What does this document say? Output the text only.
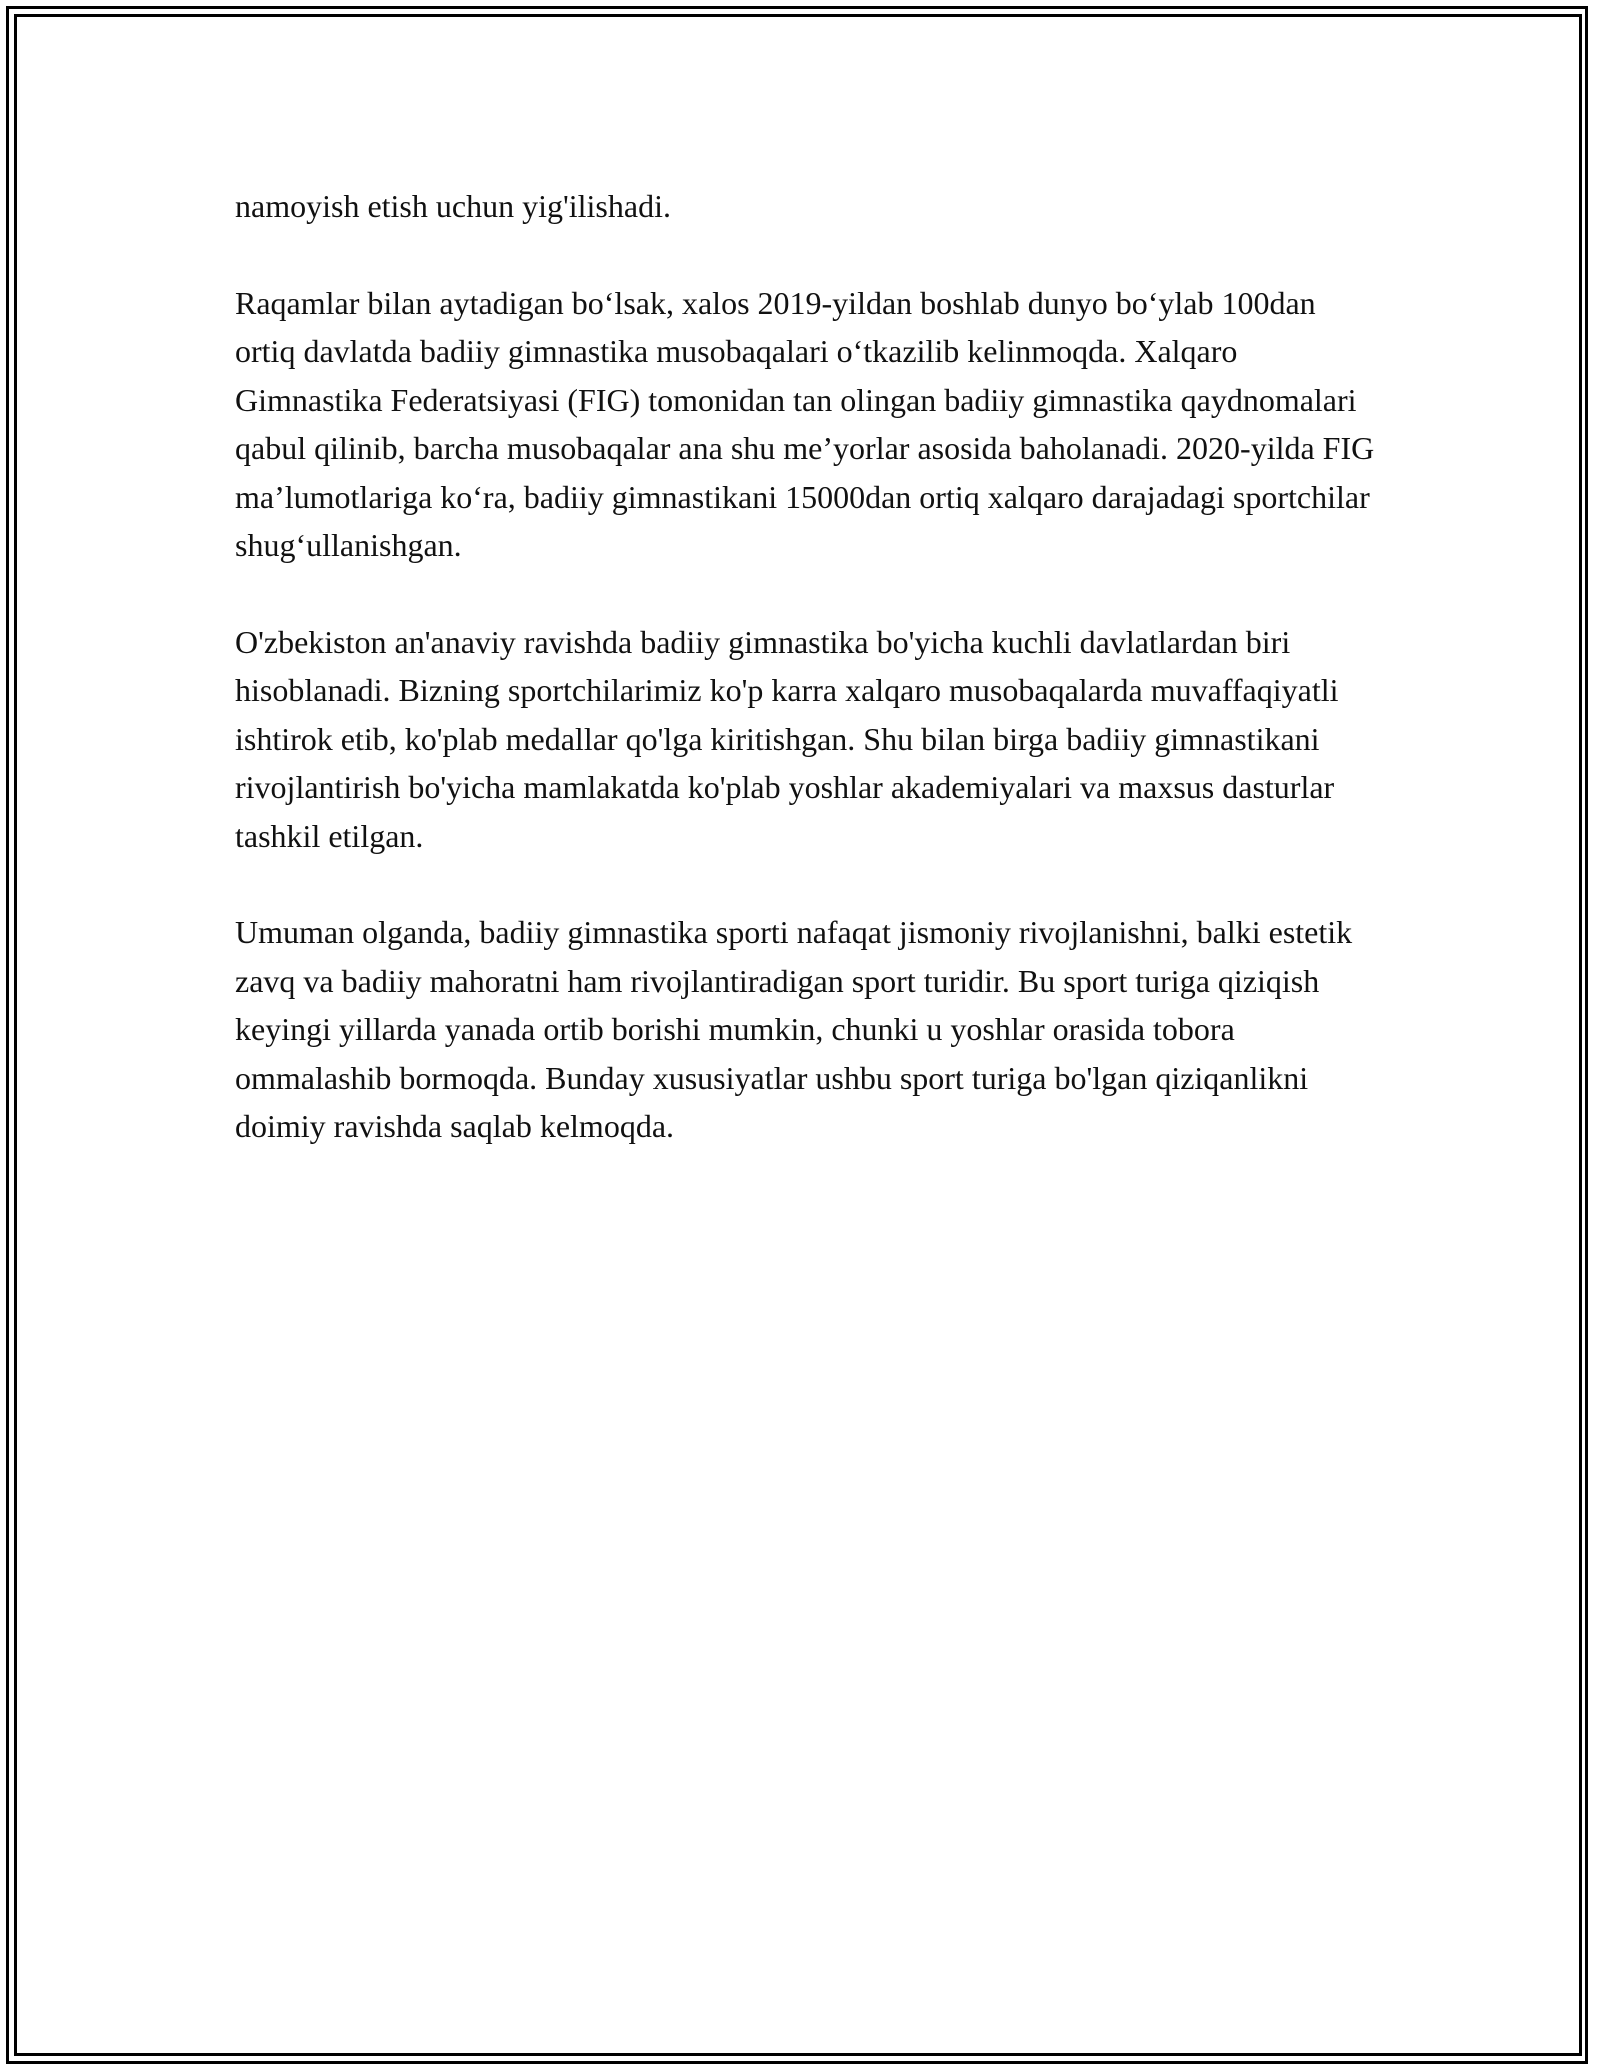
namoyish etish uchun yig'ilishadi.

Raqamlar bilan aytadigan bo‘lsak, xalos 2019-yildan boshlab dunyo bo‘ylab 100dan ortiq davlatda badiiy gimnastika musobaqalari o‘tkazilib kelinmoqda. Xalqaro Gimnastika Federatsiyasi (FIG) tomonidan tan olingan badiiy gimnastika qaydnomalari qabul qilinib, barcha musobaqalar ana shu me’yorlar asosida baholanadi. 2020-yilda FIG ma’lumotlariga ko‘ra, badiiy gimnastikani 15000dan ortiq xalqaro darajadagi sportchilar shug‘ullanishgan.

O'zbekiston an'anaviy ravishda badiiy gimnastika bo'yicha kuchli davlatlardan biri hisoblanadi. Bizning sportchilarimiz ko'p karra xalqaro musobaqalarda muvaffaqiyatli ishtirok etib, ko'plab medallar qo'lga kiritishgan. Shu bilan birga badiiy gimnastikani rivojlantirish bo'yicha mamlakatda ko'plab yoshlar akademiyalari va maxsus dasturlar tashkil etilgan.

Umuman olganda, badiiy gimnastika sporti nafaqat jismoniy rivojlanishni, balki estetik zavq va badiiy mahoratni ham rivojlantiradigan sport turidir. Bu sport turiga qiziqish keyingi yillarda yanada ortib borishi mumkin, chunki u yoshlar orasida tobora ommalashib bormoqda. Bunday xususiyatlar ushbu sport turiga bo'lgan qiziqanlikni doimiy ravishda saqlab kelmoqda.
